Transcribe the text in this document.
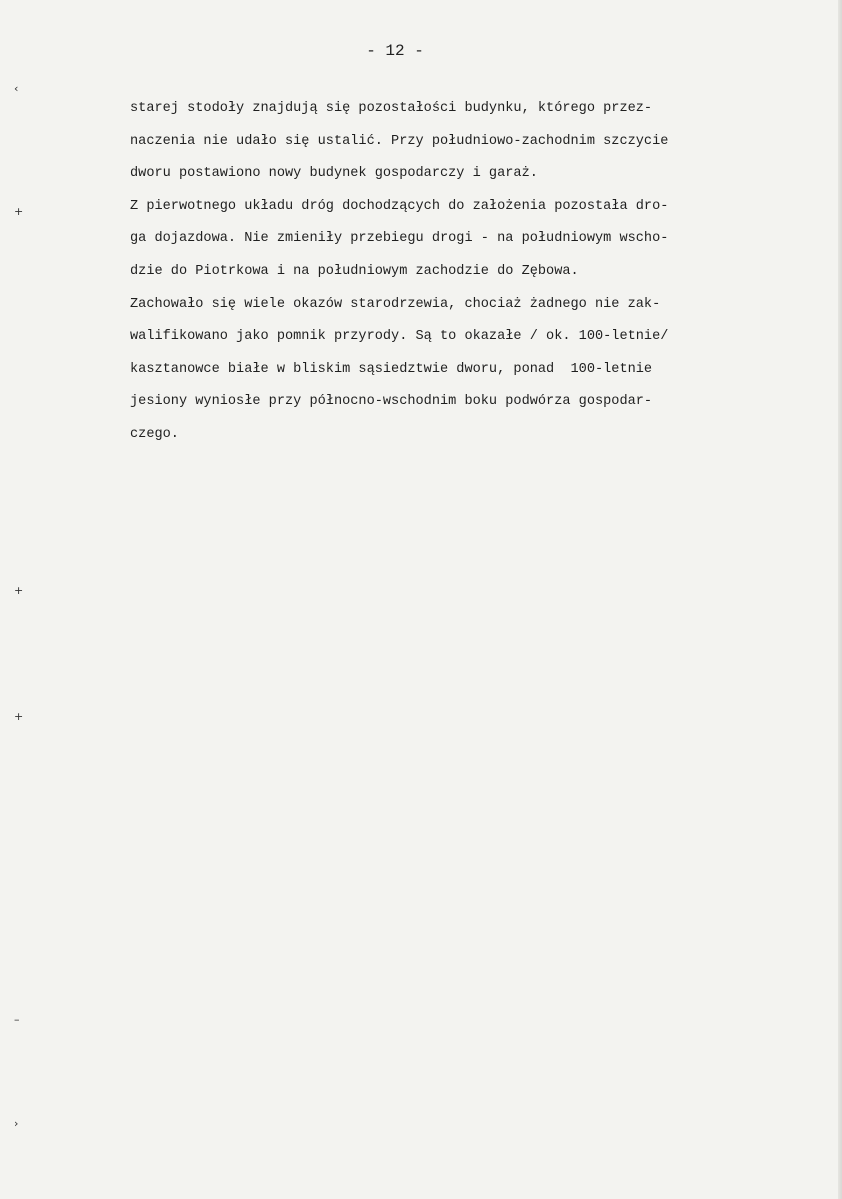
- 12 -
‹
+
+
+
–
›
starej stodoły znajdują się pozostałości budynku, którego przez-
naczenia nie udało się ustalić. Przy południowo-zachodnim szczycie
dworu postawiono nowy budynek gospodarczy i garaż.
Z pierwotnego układu dróg dochodzących do założenia pozostała dro-
ga dojazdowa. Nie zmieniły przebiegu drogi - na południowym wscho-
dzie do Piotrkowa i na południowym zachodzie do Zębowa.
Zachowało się wiele okazów starodrzewia, chociaż żadnego nie zak-
walifikowano jako pomnik przyrody. Są to okazałe / ok. 100-letnie/
kasztanowce białe w bliskim sąsiedztwie dworu, ponad  100-letnie
jesiony wyniosłe przy północno-wschodnim boku podwórza gospodar-
czego.
